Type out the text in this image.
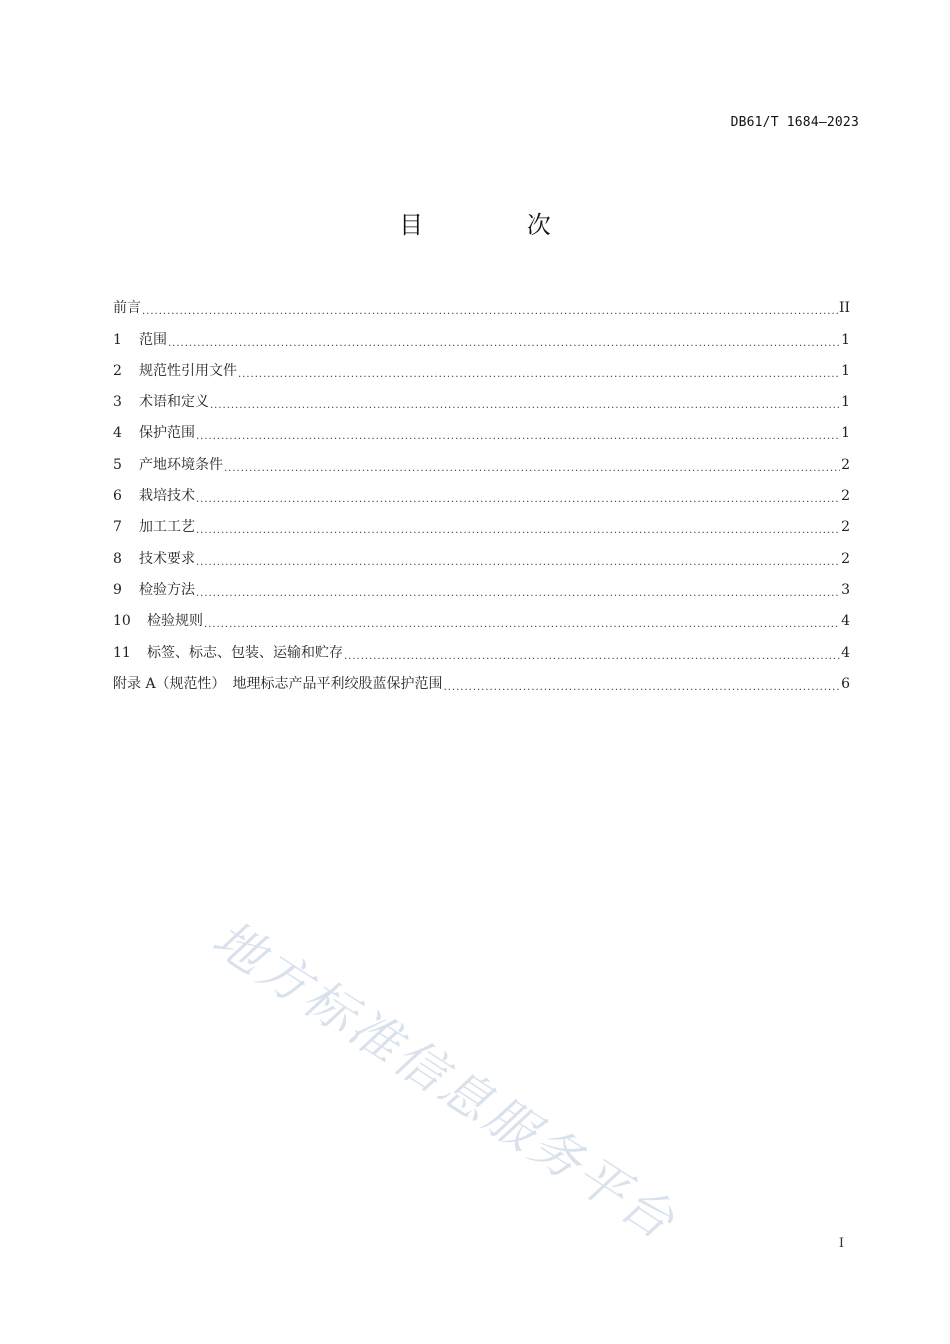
DB61/T 1684—2023
目 次
前言 .....	II
1	范围 .....	1
2	规范性引用文件 .....	1
3	术语和定义 .....	1
4	保护范围 .....	1
5	产地环境条件 .....	2
6	栽培技术 .....	2
7	加工工艺 .....	2
8	技术要求 .....	2
9	检验方法 .....	3
10	检验规则 .....	4
11	标签、标志、包装、运输和贮存 .....	4
附录 A（规范性）　地理标志产品平利绞股蓝保护范围 .....	6
地方标准信息服务平台	I
